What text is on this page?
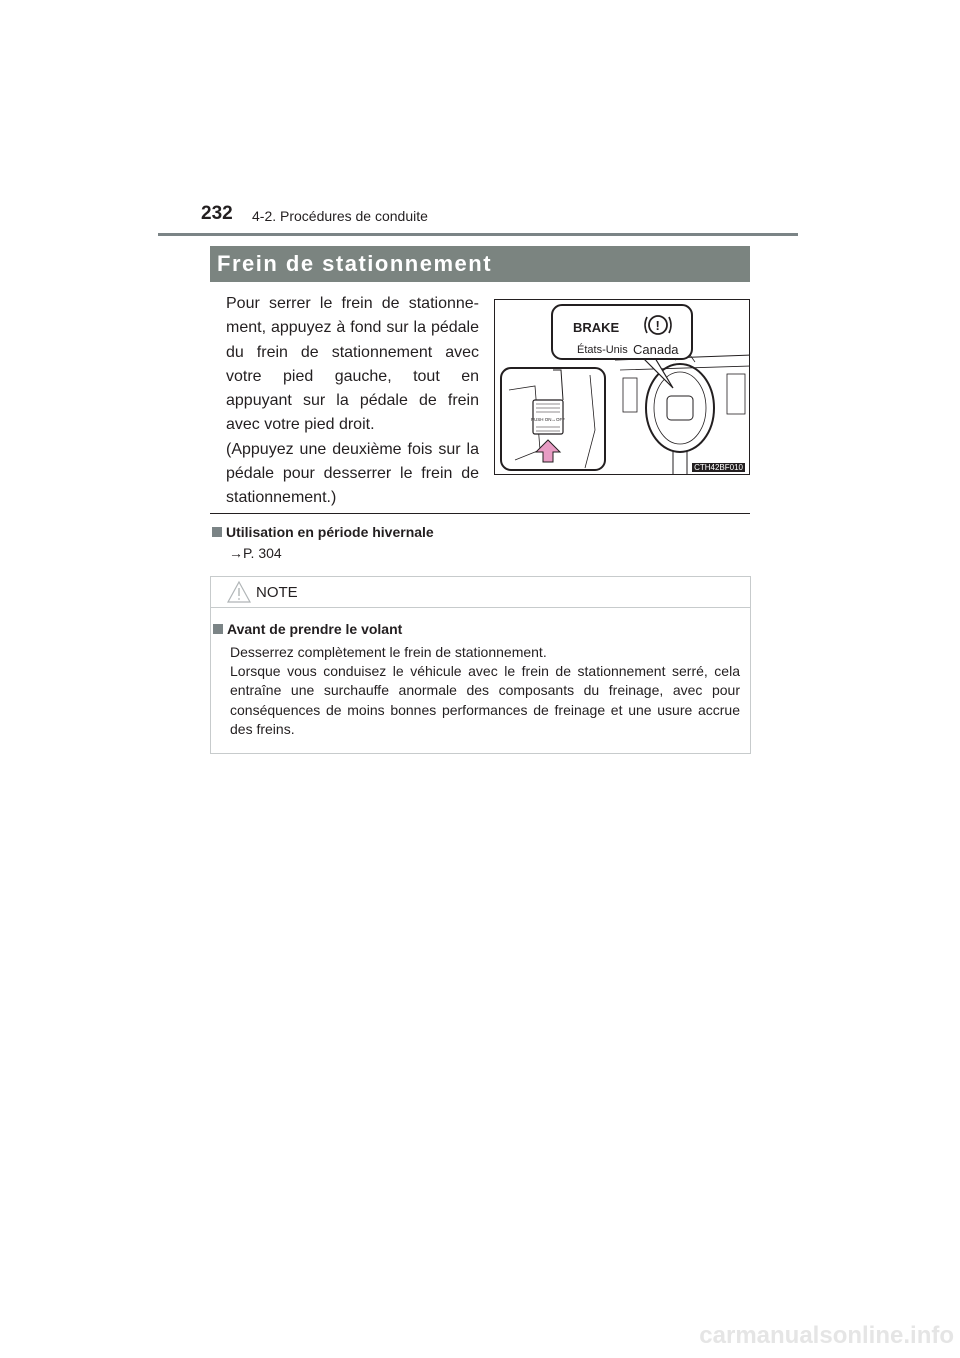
232 4-2. Procédures de conduite
Frein de stationnement

Pour serrer le frein de stationne-ment, appuyez à fond sur la pédale du frein de stationnement avec votre pied gauche, tout en appuyant sur la pédale de frein avec votre pied droit.

(Appuyez une deuxième fois sur la pédale pour desserrer le frein de stationnement.)

BRAKE	!
États-Unis Canada
PUSH ON↔OFF
CTH42BF010
Utilisation en période hivernale
→P. 304
NOTE
Avant de prendre le volant

Desserrez complètement le frein de stationnement.

Lorsque vous conduisez le véhicule avec le frein de stationnement serré, cela entraîne une surchauffe anormale des composants du freinage, avec pour conséquences de moins bonnes performances de freinage et une usure accrue des freins.

carmanualsonline.info
